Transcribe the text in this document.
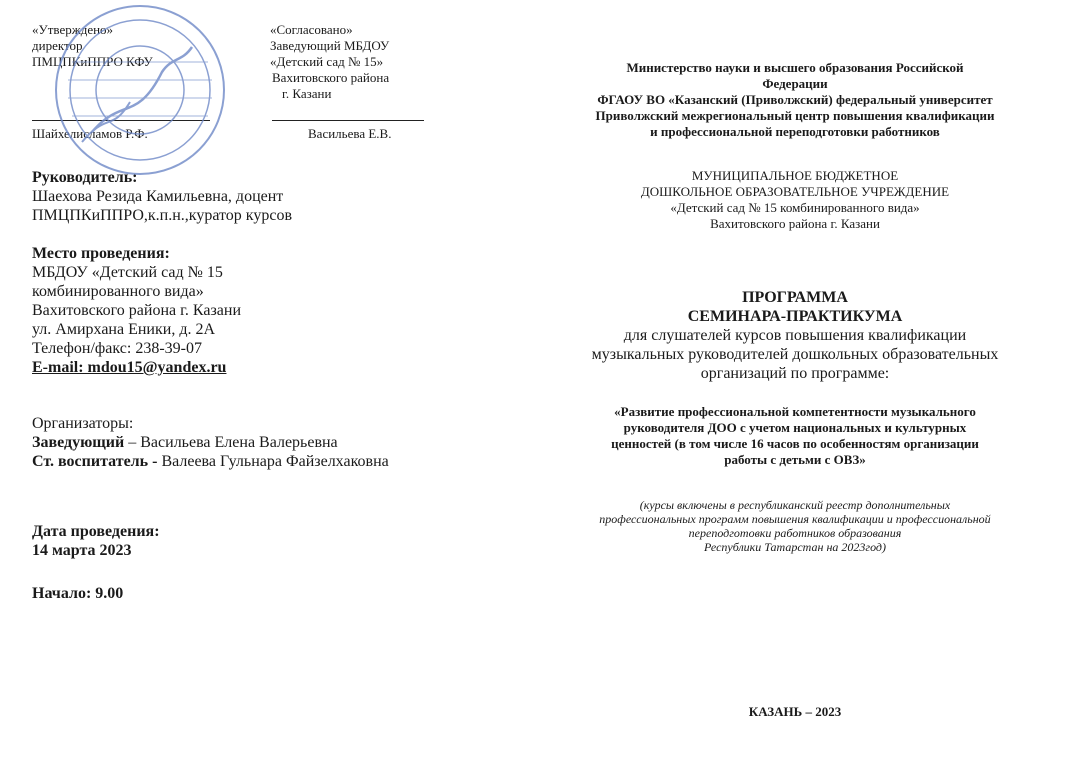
«Утверждено»
директор
ПМЦПКиППРО КФУ
Шайхелисламов Р.Ф.
«Согласовано»
Заведующий МБДОУ
«Детский сад № 15»
Вахитовского района
г. Казани
Васильева Е.В.
Руководитель:
Шаехова Резида Камильевна, доцент
ПМЦПКиППРО,к.п.н.,куратор курсов
Место проведения:
МБДОУ «Детский сад № 15
комбинированного вида»
Вахитовского района г. Казани
ул. Амирхана Еники, д. 2А
Телефон/факс: 238-39-07
E-mail: mdou15@yandex.ru
Организаторы:
Заведующий – Васильева Елена Валерьевна
Ст. воспитатель - Валеева Гульнара Файзелхаковна
Дата проведения:
14 марта 2023
Начало: 9.00
Министерство науки и высшего образования Российской
Федерации
ФГАОУ ВО «Казанский (Приволжский) федеральный университет
Приволжский межрегиональный центр повышения квалификации
и профессиональной переподготовки работников
МУНИЦИПАЛЬНОЕ БЮДЖЕТНОЕ
ДОШКОЛЬНОЕ ОБРАЗОВАТЕЛЬНОЕ УЧРЕЖДЕНИЕ
«Детский сад № 15 комбинированного вида»
Вахитовского района г. Казани
ПРОГРАММА
СЕМИНАРА-ПРАКТИКУМА
для слушателей курсов повышения квалификации
музыкальных руководителей дошкольных образовательных
организаций по программе:
«Развитие профессиональной компетентности музыкального
руководителя ДОО с учетом национальных и культурных
ценностей (в том числе 16 часов по особенностям организации
работы с детьми с ОВЗ»
(курсы включены в республиканский реестр дополнительных
профессиональных программ повышения квалификации и профессиональной
переподготовки работников образования
Республики Татарстан на 2023год)
КАЗАНЬ – 2023
